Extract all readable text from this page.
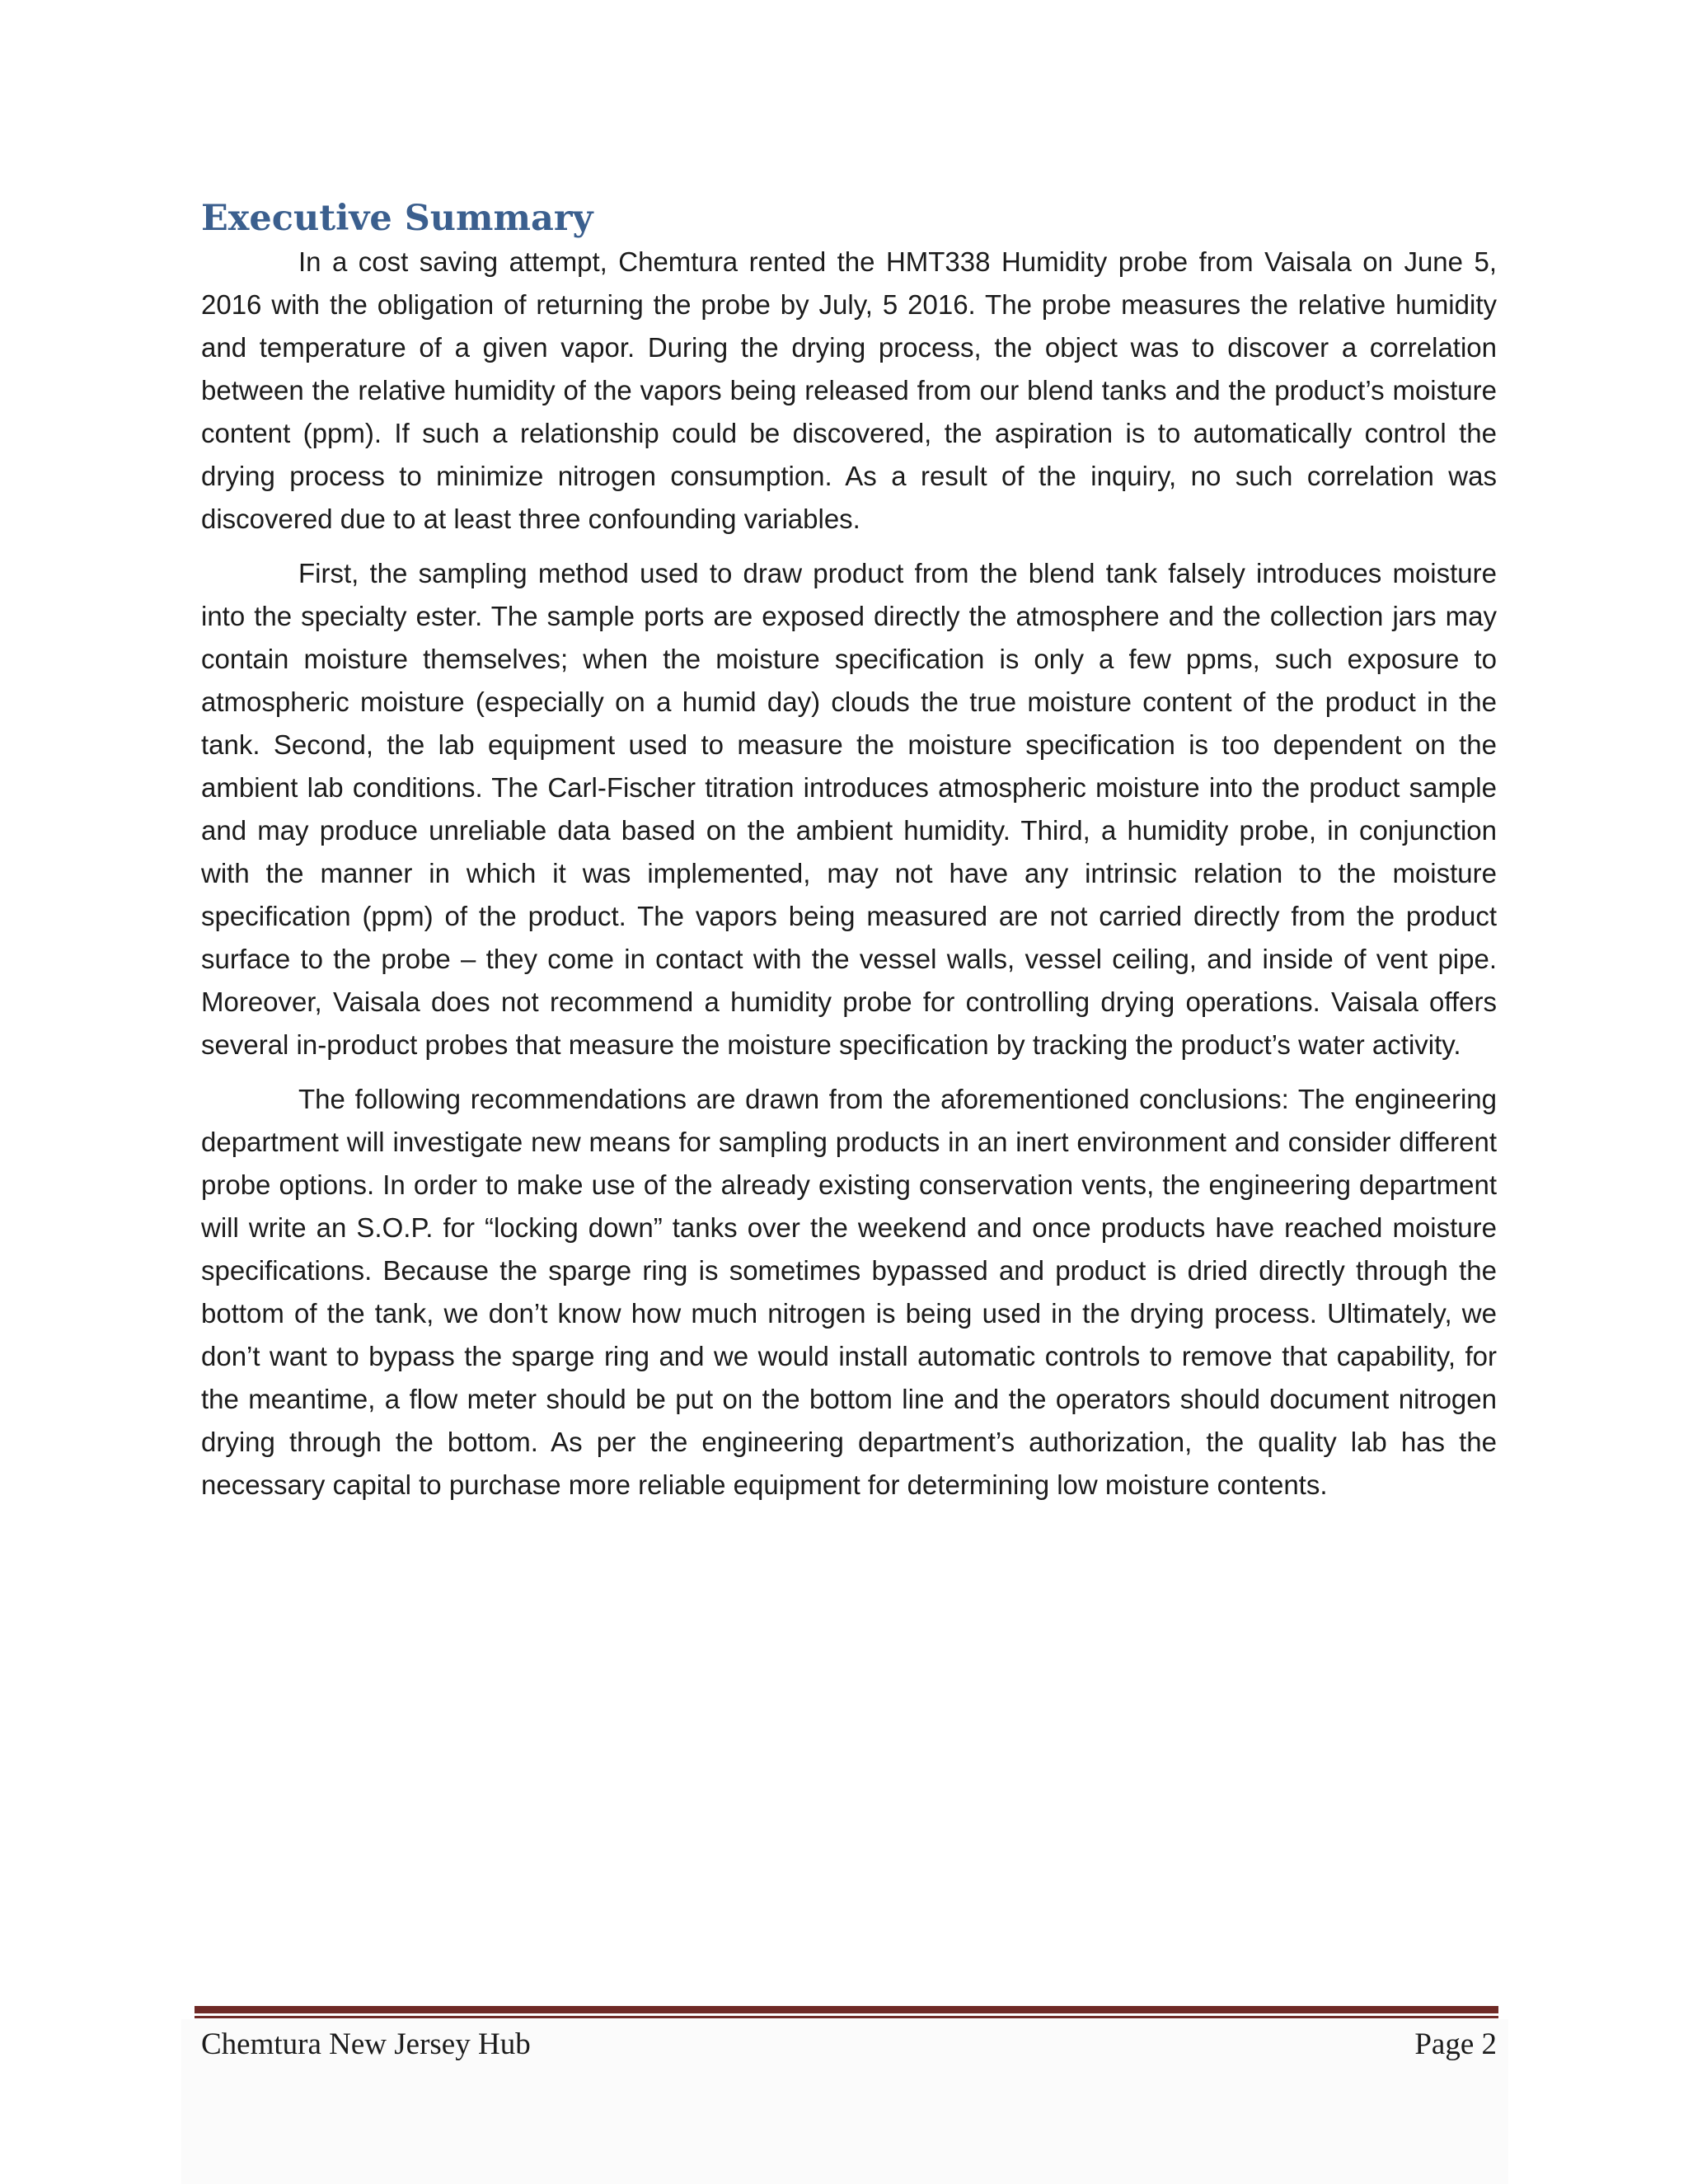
Executive Summary

In a cost saving attempt, Chemtura rented the HMT338 Humidity probe from Vaisala on June 5, 2016 with the obligation of returning the probe by July, 5 2016. The probe measures the relative humidity and temperature of a given vapor. During the drying process, the object was to discover a correlation between the relative humidity of the vapors being released from our blend tanks and the product’s moisture content (ppm). If such a relationship could be discovered, the aspiration is to automatically control the drying process to minimize nitrogen consumption. As a result of the inquiry, no such correlation was discovered due to at least three confounding variables.

First, the sampling method used to draw product from the blend tank falsely introduces moisture into the specialty ester. The sample ports are exposed directly the atmosphere and the collection jars may contain moisture themselves; when the moisture specification is only a few ppms, such exposure to atmospheric moisture (especially on a humid day) clouds the true moisture content of the product in the tank. Second, the lab equipment used to measure the moisture specification is too dependent on the ambient lab conditions. The Carl-Fischer titration introduces atmospheric moisture into the product sample and may produce unreliable data based on the ambient humidity. Third, a humidity probe, in conjunction with the manner in which it was implemented, may not have any intrinsic relation to the moisture specification (ppm) of the product. The vapors being measured are not carried directly from the product surface to the probe – they come in contact with the vessel walls, vessel ceiling, and inside of vent pipe. Moreover, Vaisala does not recommend a humidity probe for controlling drying operations. Vaisala offers several in-product probes that measure the moisture specification by tracking the product’s water activity.

The following recommendations are drawn from the aforementioned conclusions: The engineering department will investigate new means for sampling products in an inert environment and consider different probe options. In order to make use of the already existing conservation vents, the engineering department will write an S.O.P. for “locking down” tanks over the weekend and once products have reached moisture specifications. Because the sparge ring is sometimes bypassed and product is dried directly through the bottom of the tank, we don’t know how much nitrogen is being used in the drying process. Ultimately, we don’t want to bypass the sparge ring and we would install automatic controls to remove that capability, for the meantime, a flow meter should be put on the bottom line and the operators should document nitrogen drying through the bottom. As per the engineering department’s authorization, the quality lab has the necessary capital to purchase more reliable equipment for determining low moisture contents.

Chemtura New Jersey Hub	Page 2
